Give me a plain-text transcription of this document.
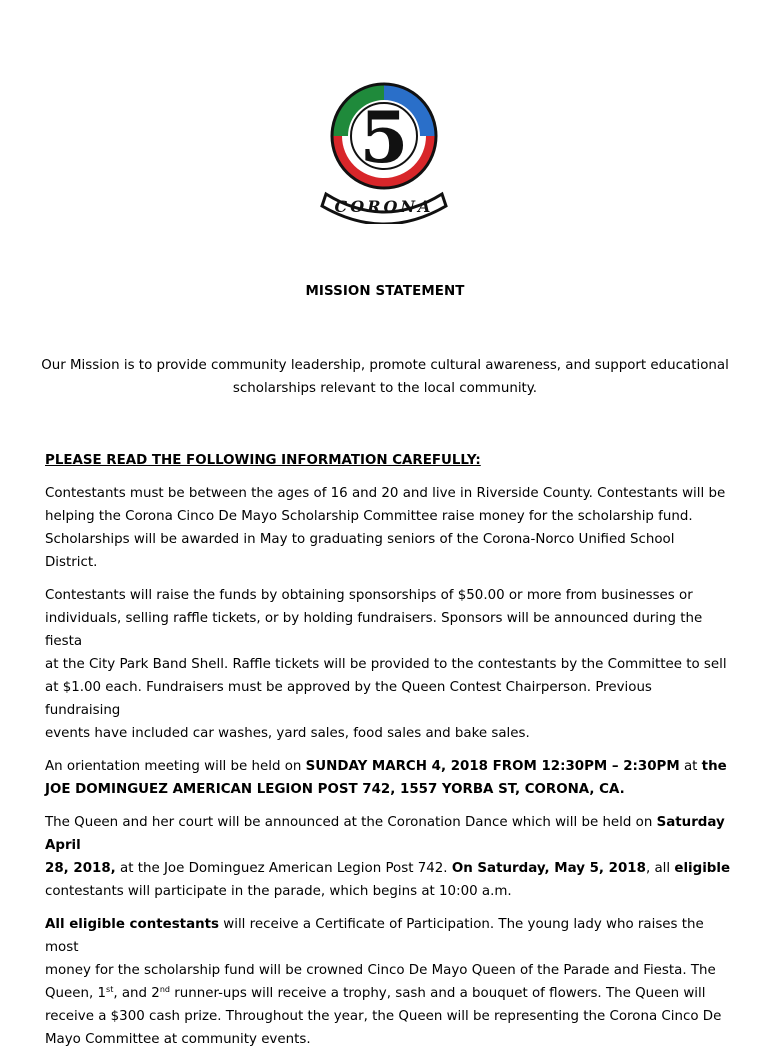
5
CORONA
MISSION STATEMENT
Our Mission is to provide community leadership, promote cultural awareness, and support educational
scholarships relevant to the local community.
PLEASE READ THE FOLLOWING INFORMATION CAREFULLY:
Contestants must be between the ages of 16 and 20 and live in Riverside County. Contestants will be
helping the Corona Cinco De Mayo Scholarship Committee raise money for the scholarship fund.
Scholarships will be awarded in May to graduating seniors of the Corona-Norco Unified School District.
Contestants will raise the funds by obtaining sponsorships of $50.00 or more from businesses or
individuals, selling raffle tickets, or by holding fundraisers. Sponsors will be announced during the fiesta
at the City Park Band Shell. Raffle tickets will be provided to the contestants by the Committee to sell
at $1.00 each. Fundraisers must be approved by the Queen Contest Chairperson. Previous fundraising
events have included car washes, yard sales, food sales and bake sales.
An orientation meeting will be held on SUNDAY MARCH 4, 2018 FROM 12:30PM – 2:30PM at the
JOE DOMINGUEZ AMERICAN LEGION POST 742, 1557 YORBA ST, CORONA, CA.
The Queen and her court will be announced at the Coronation Dance which will be held on Saturday April
28, 2018, at the Joe Dominguez American Legion Post 742. On Saturday, May 5, 2018, all eligible
contestants will participate in the parade, which begins at 10:00 a.m.
All eligible contestants will receive a Certificate of Participation. The young lady who raises the most
money for the scholarship fund will be crowned Cinco De Mayo Queen of the Parade and Fiesta. The
Queen, 1st, and 2nd runner-ups will receive a trophy, sash and a bouquet of flowers. The Queen will
receive a $300 cash prize. Throughout the year, the Queen will be representing the Corona Cinco De
Mayo Committee at community events.
